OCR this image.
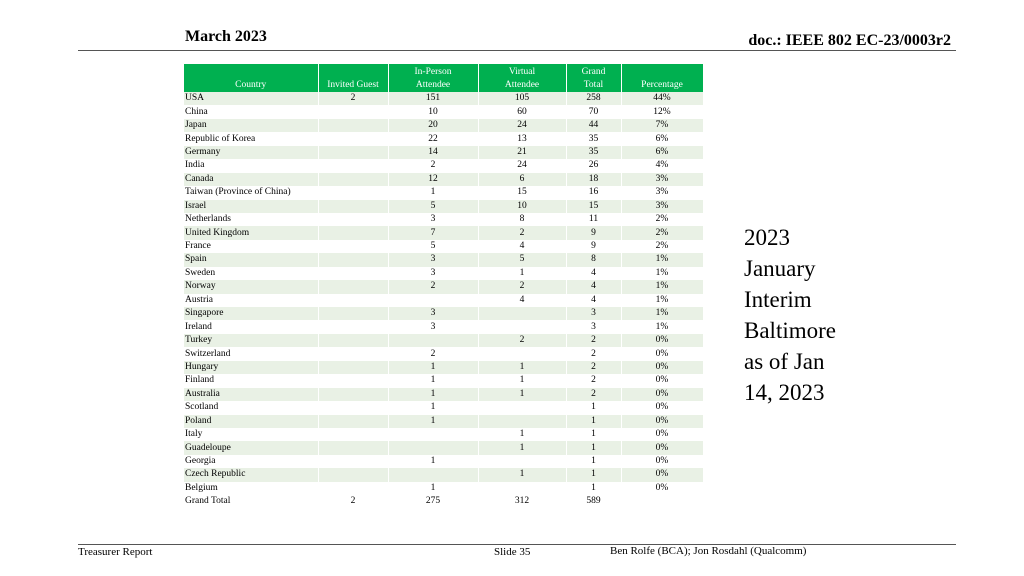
March 2023	doc.: IEEE 802 EC-23/0003r2
Country	Invited Guest	In-Person Attendee	Virtual Attendee	Grand Total	Percentage
USA	2	151	105	258	44%
China		10	60	70	12%
Japan		20	24	44	7%
Republic of Korea		22	13	35	6%
Germany		14	21	35	6%
India		2	24	26	4%
Canada		12	6	18	3%
Taiwan (Province of China)		1	15	16	3%
Israel		5	10	15	3%
Netherlands		3	8	11	2%
United Kingdom		7	2	9	2%
France		5	4	9	2%
Spain		3	5	8	1%
Sweden		3	1	4	1%
Norway		2	2	4	1%
Austria			4	4	1%
Singapore		3		3	1%
Ireland		3		3	1%
Turkey			2	2	0%
Switzerland		2		2	0%
Hungary		1	1	2	0%
Finland		1	1	2	0%
Australia		1	1	2	0%
Scotland		1		1	0%
Poland		1		1	0%
Italy			1	1	0%
Guadeloupe			1	1	0%
Georgia		1		1	0%
Czech Republic			1	1	0%
Belgium		1		1	0%
Grand Total	2	275	312	589	
2023
January
Interim
Baltimore
as of Jan
14, 2023
Treasurer Report	Slide 35	Ben Rolfe (BCA); Jon Rosdahl (Qualcomm)
